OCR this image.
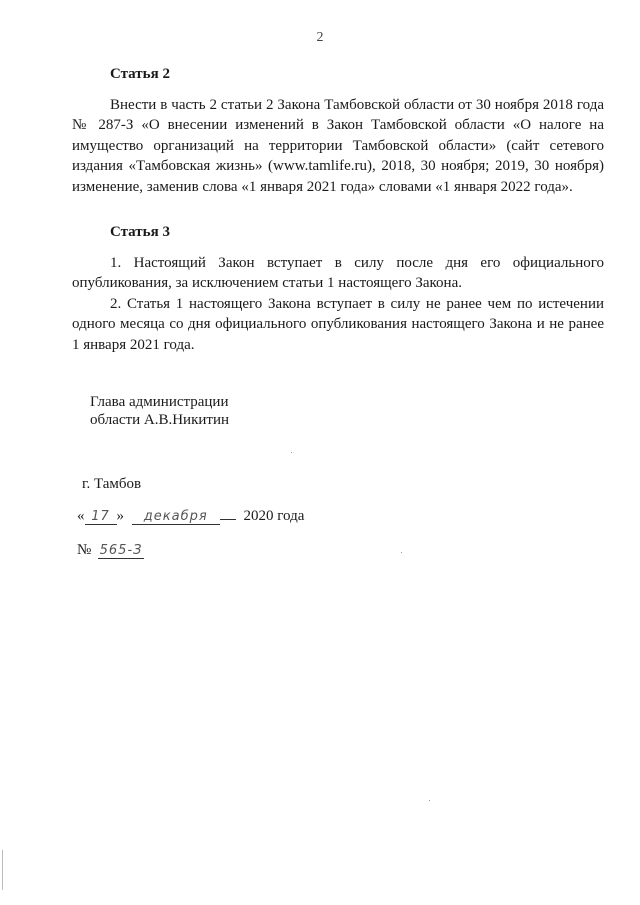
2
Статья 2
Внести в часть 2 статьи 2 Закона Тамбовской области от 30 ноября 2018 года № 287-З «О внесении изменений в Закон Тамбовской области «О налоге на имущество организаций на территории Тамбовской области» (сайт сетевого издания «Тамбовская жизнь» (www.tamlife.ru), 2018, 30 ноября; 2019, 30 ноября) изменение, заменив слова «1 января 2021 года» словами «1 января 2022 года».
Статья 3
1. Настоящий Закон вступает в силу после дня его официального опубликования, за исключением статьи 1 настоящего Закона.
2. Статья 1 настоящего Закона вступает в силу не ранее чем по истечении одного месяца со дня официального опубликования настоящего Закона и не ранее 1 января 2021 года.
Глава администрации
области А.В.Никитин
г. Тамбов
« 17 » декабря 2020 года
№ 565-З
